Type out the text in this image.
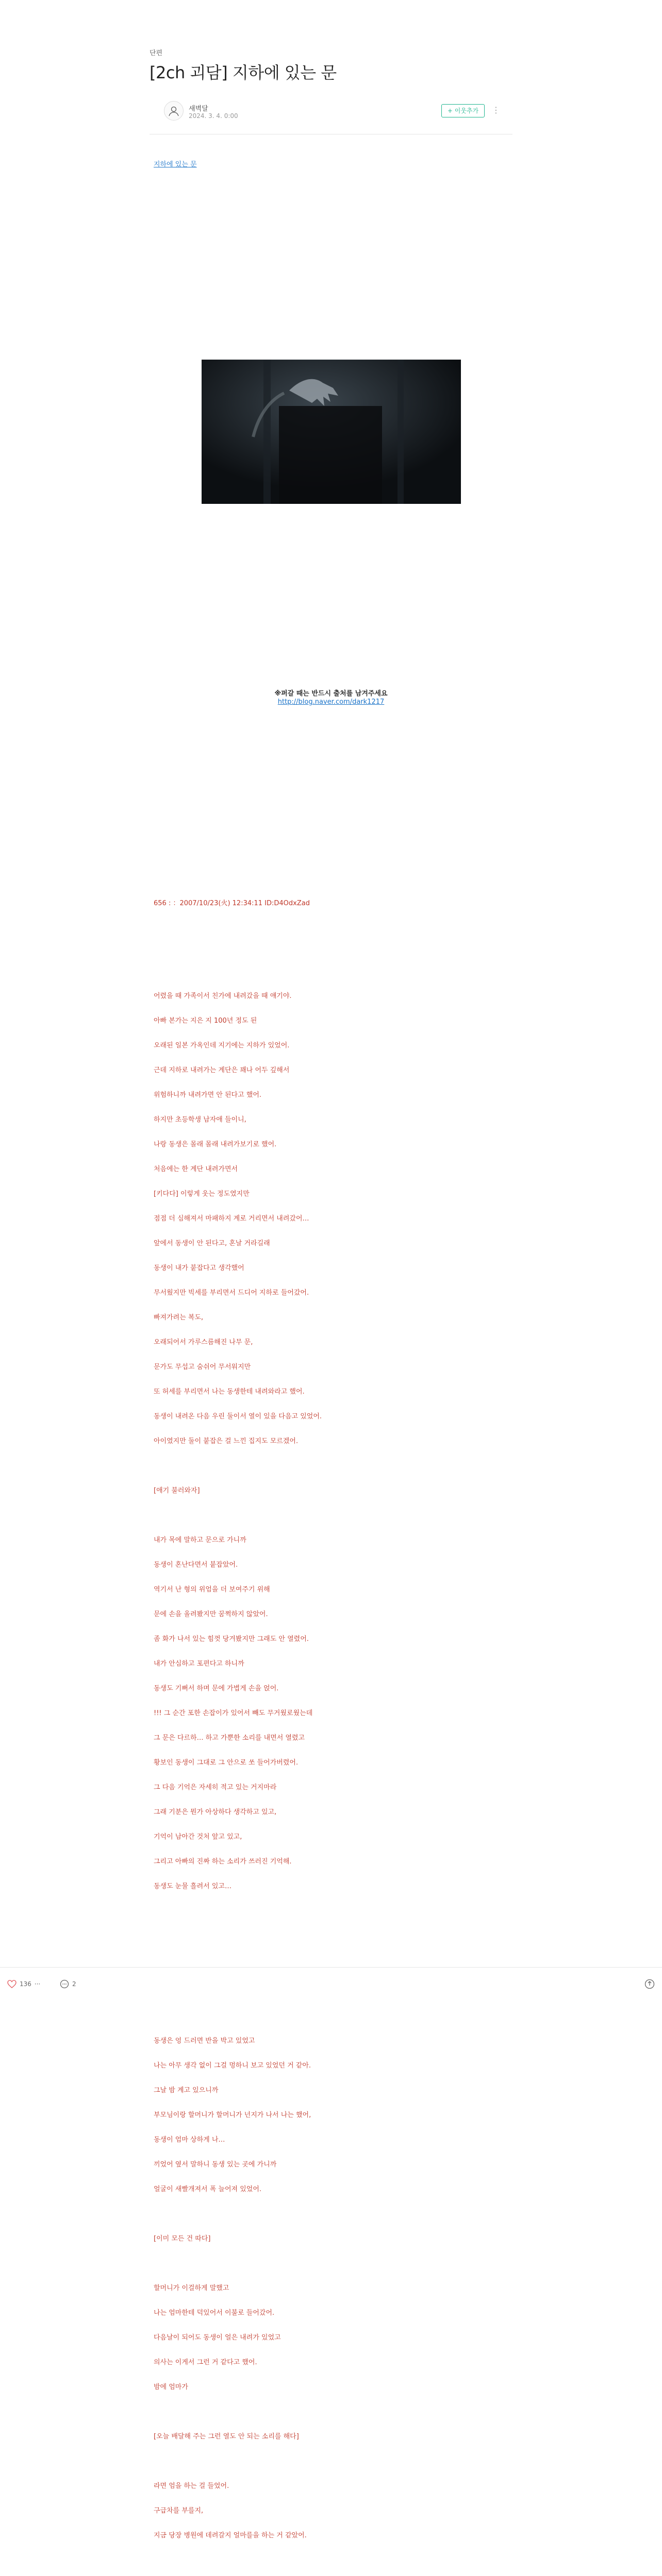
단편
[2ch 괴담] 지하에 있는 문
새벽달
2024. 3. 4. 0:00
+ 이웃추가	⋮
지하에 있는 문
※퍼갈 때는 반드시 출처를 남겨주세요
http://blog.naver.com/dark1217
656 : ：2007/10/23(火) 12:34:11 ID:D4OdxZad
어렸을 때 가족이서 친가에 내려갔을 때 얘기야.
아빠 본가는 지은 지 100년 정도 된
오래된 일본 가옥인데 지기에는 지하가 있었어.
근데 지하로 내려가는 계단은 꽤나 어두 깊해서
위험하니까 내려가면 안 된다고 했어.
하지만 초등학생 남자애 들이니,
나랑 동생은 몰래 몰래 내려가보기로 했어.
처음에는 한 계단 내려가면서
[키다다] 이렇게 웃는 정도였지만
점점 더 심해져서 마패하지 계로 거리면서 내려갔어…
앞에서 동생이 안 된다고, 혼날 거라길래
동생이 내가 붙잡다고 생각했어
무서웠지만 빅세를 부리면서 드디어 지하로 들어갔어.
빠져가려는 복도,
오래되어서 가루스름해진 나무 문,
문가도 무섭고 숨쉬어 무서워지만
또 허세를 부리면서 나는 동생한테 내려와라고 했어.
동생이 내려온 다음 우린 둘이서 열이 있을 다음고 있었어.
아이였지만 둘이 붙잡은 걸 느낀 집지도 모르겠어.
[애기 불러와자]
내가 목에 말하고 문으로 가니까
동생이 혼난다면서 붙잡았어.
역기서 난 형의 위엄을 더 보여주기 위해
문에 손을 올려봤지만 꿈쩍하지 않았어.
좀 화가 나서 있는 힘껏 당겨봤지만 그래도 안 열렸어.
내가 안심하고 포편다고 하니까
동생도 기뻐서 하며 문에 가볍게 손을 얹어.
!!! 그 순간 포한 손잡이가 있어서 빼도 무거웠로웠는데
그 문은 다르하… 하고 가뿐한 소리를 내면서 열렸고
황보인 동생이 그대로 그 안으로 쏘 들어가버렸어.
그 다음 기억은 자세히 적고 있는 거지마라
그래 기분은 뭔가 아상하다 생각하고 있고,
기억이 남아간 것처 앞고 있고,
그리고 아빠의 진짜 하는 소리가 쓰러진 기억해.
동생도 눈물 흘려서 있고…
136 ···	2
동생은 엉 드러면 반을 박고 있었고
나는 아무 생각 없이 그걸 멍하니 보고 있었던 거 같아.
그날 밤 계고 있으니까
부모님이랑 할머니가 할머니가 넌지가 나서 나는 했어,
동생이 엄마 상하게 나…
끼었어 옆서 말하니 동생 있는 곳에 가니까
얼굴이 새빨개져서 폭 늘어져 있었어.
[이미 모든 건 따다]
할머니가 이걸하게 말했고
나는 엄마한테 덕있어서 이불로 들어갔어.
다음날이 되어도 동생이 얼은 내려가 있었고
의사는 이게서 그런 거 같다고 했어.
밤에 엄마가
[오늘 배달해 주는 그런 열도 안 되는 소리를 해다]
라면 엄을 하는 걸 들었어.
구급차를 부를지,
지금 당장 병원에 데려갈지 얼마를을 하는 거 같았어.
